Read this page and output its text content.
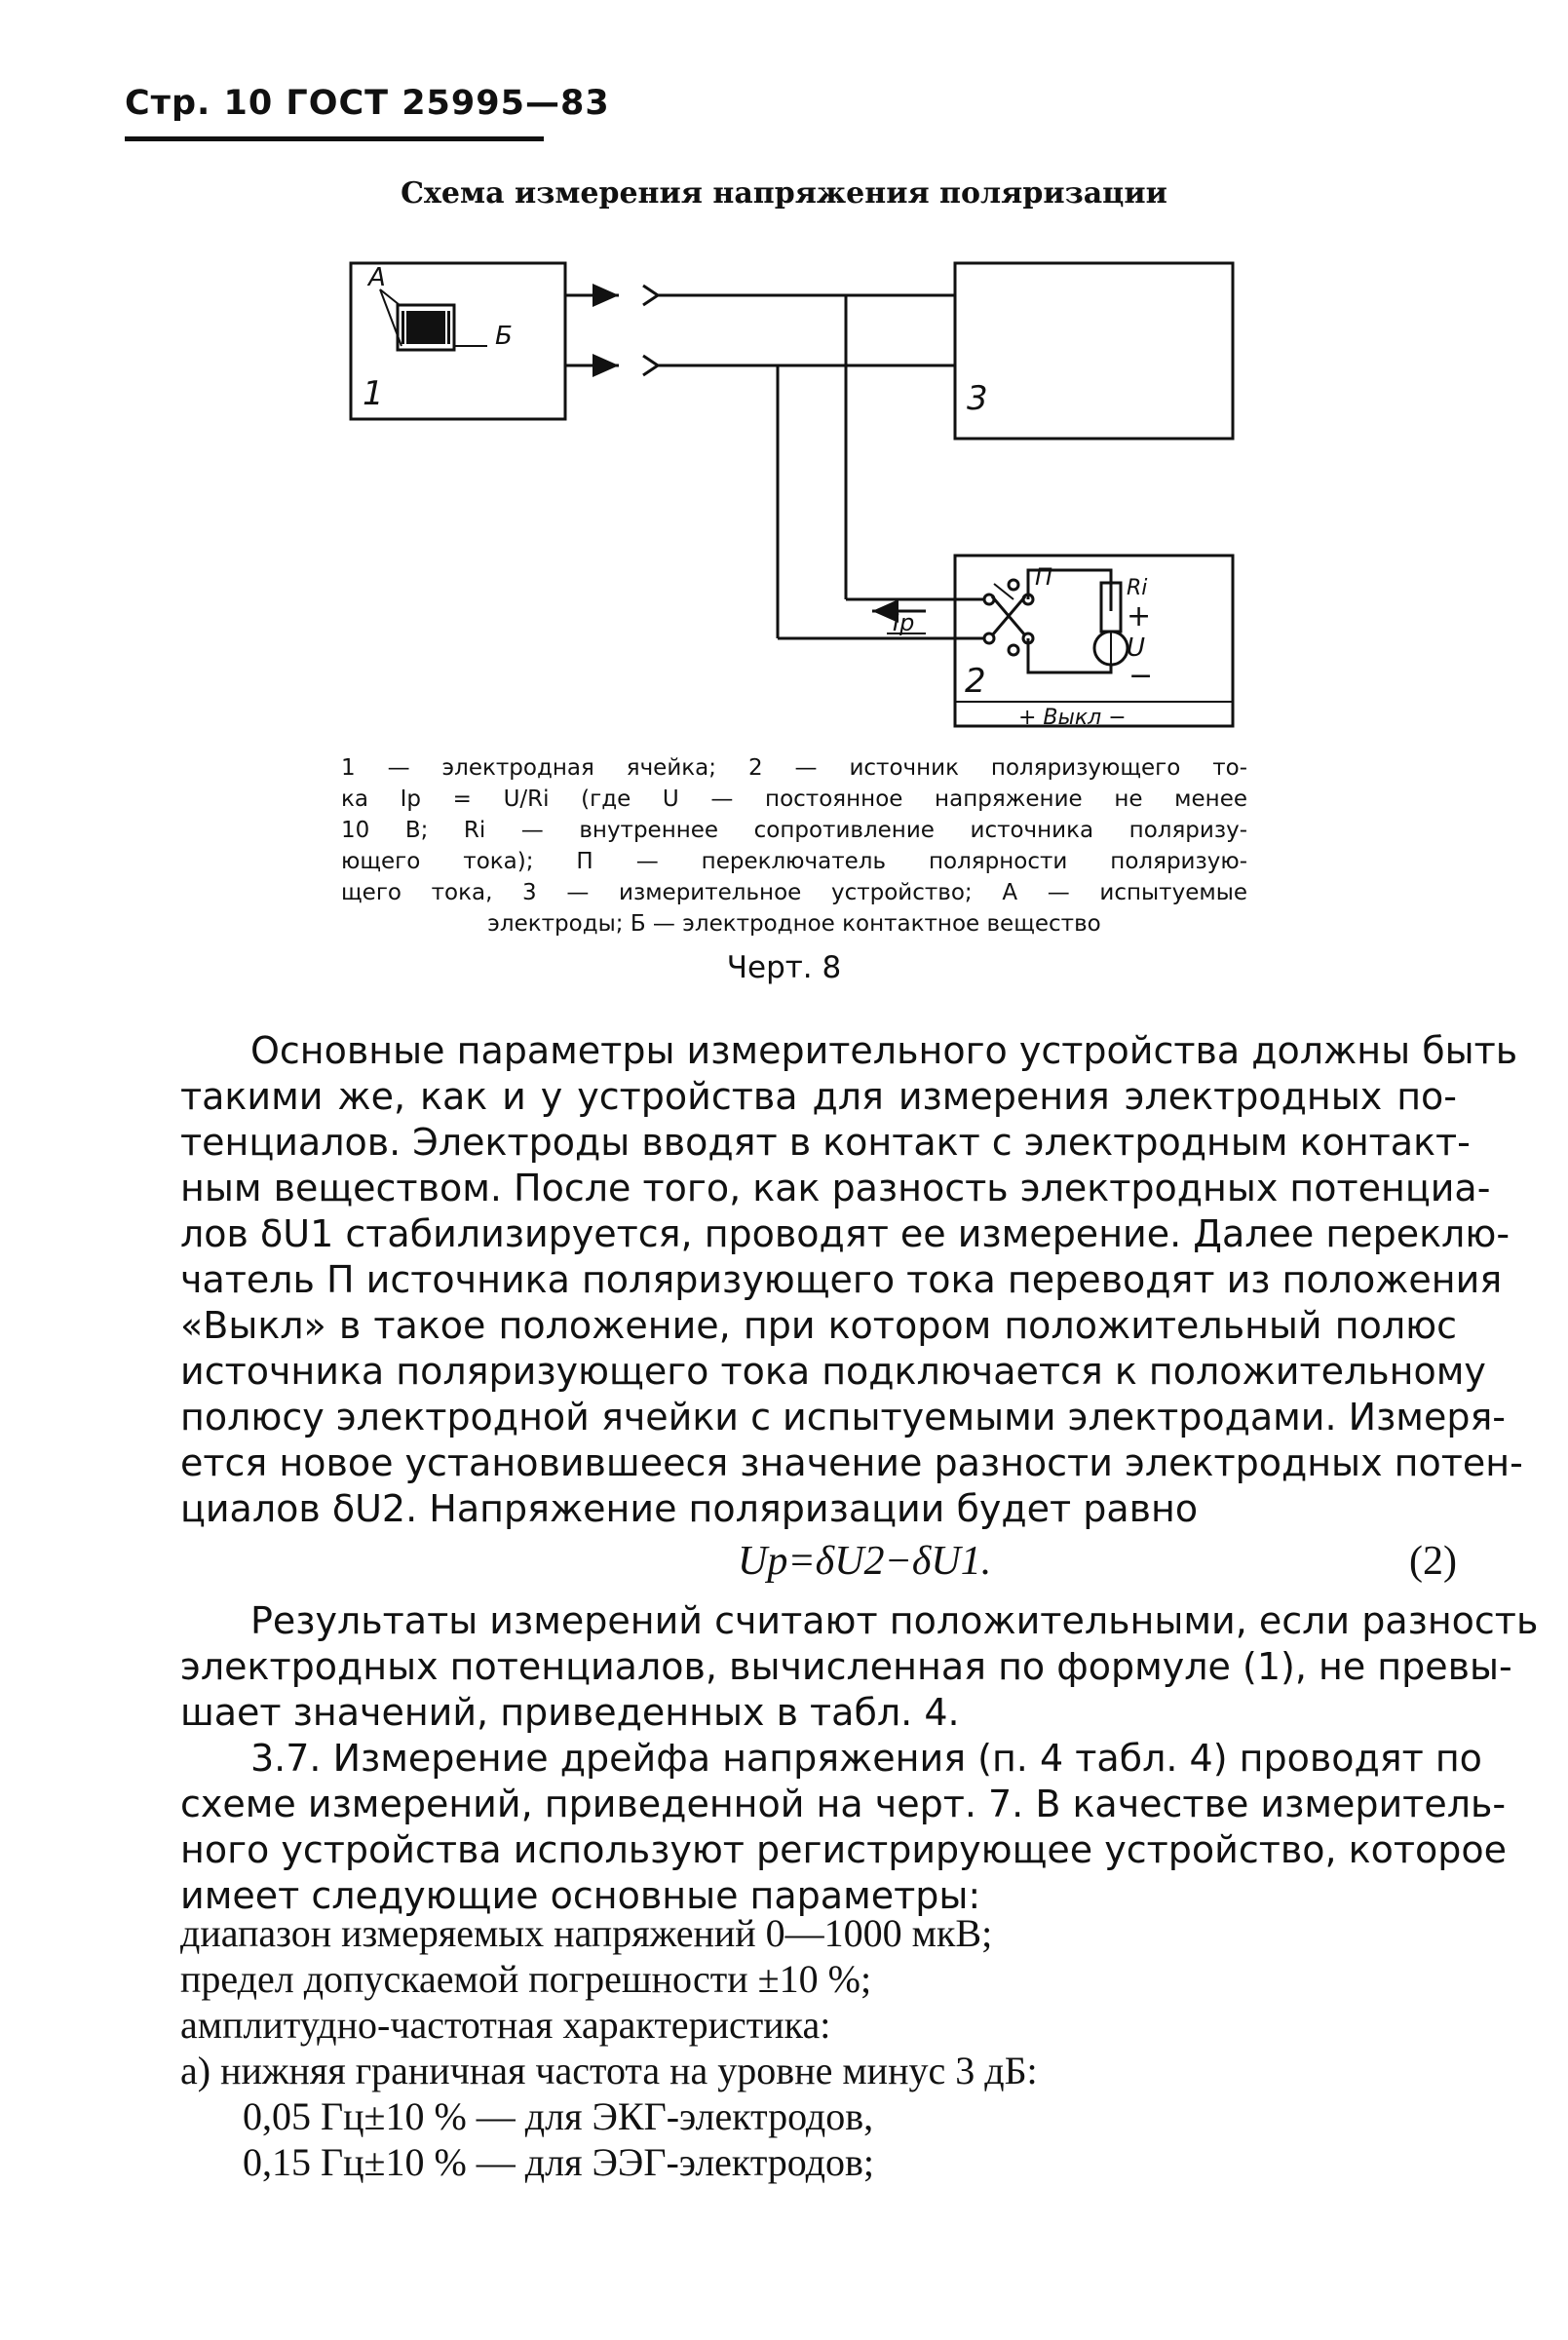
Стр. 10 ГОСТ 25995—83
Схема измерения напряжения поляризации
А
Б
1	3
2
П	Ri
+
U
−
Ip
+ Выкл −
1 — электродная ячейка; 2 — источник поляризующего то-
ка Ip = U/Ri (где U — постоянное напряжение не менее
10 В; Ri — внутреннее сопротивление источника поляризу-
ющего тока); П — переключатель полярности поляризую-
щего тока, 3 — измерительное устройство; А — испытуемые
электроды; Б — электродное контактное вещество
Черт. 8
Основные параметры измерительного устройства должны быть
такими же, как и у устройства для измерения электродных по-
тенциалов. Электроды вводят в контакт с электродным контакт-
ным веществом. После того, как разность электродных потенциа-
лов δU1 стабилизируется, проводят ее измерение. Далее переклю-
чатель П источника поляризующего тока переводят из положения
«Выкл» в такое положение, при котором положительный полюс
источника поляризующего тока подключается к положительному
полюсу электродной ячейки с испытуемыми электродами. Измеря-
ется новое установившееся значение разности электродных потен-
циалов δU2. Напряжение поляризации будет равно
Up=δU2−δU1.	(2)
Результаты измерений считают положительными, если разность
электродных потенциалов, вычисленная по формуле (1), не превы-
шает значений, приведенных в табл. 4.
3.7. Измерение дрейфа напряжения (п. 4 табл. 4) проводят по
схеме измерений, приведенной на черт. 7. В качестве измеритель-
ного устройства используют регистрирующее устройство, которое
имеет следующие основные параметры:
диапазон измеряемых напряжений 0—1000 мкВ;
предел допускаемой погрешности ±10 %;
амплитудно-частотная характеристика:
а) нижняя граничная частота на уровне минус 3 дБ:
0,05 Гц±10 % — для ЭКГ-электродов,
0,15 Гц±10 % — для ЭЭГ-электродов;
